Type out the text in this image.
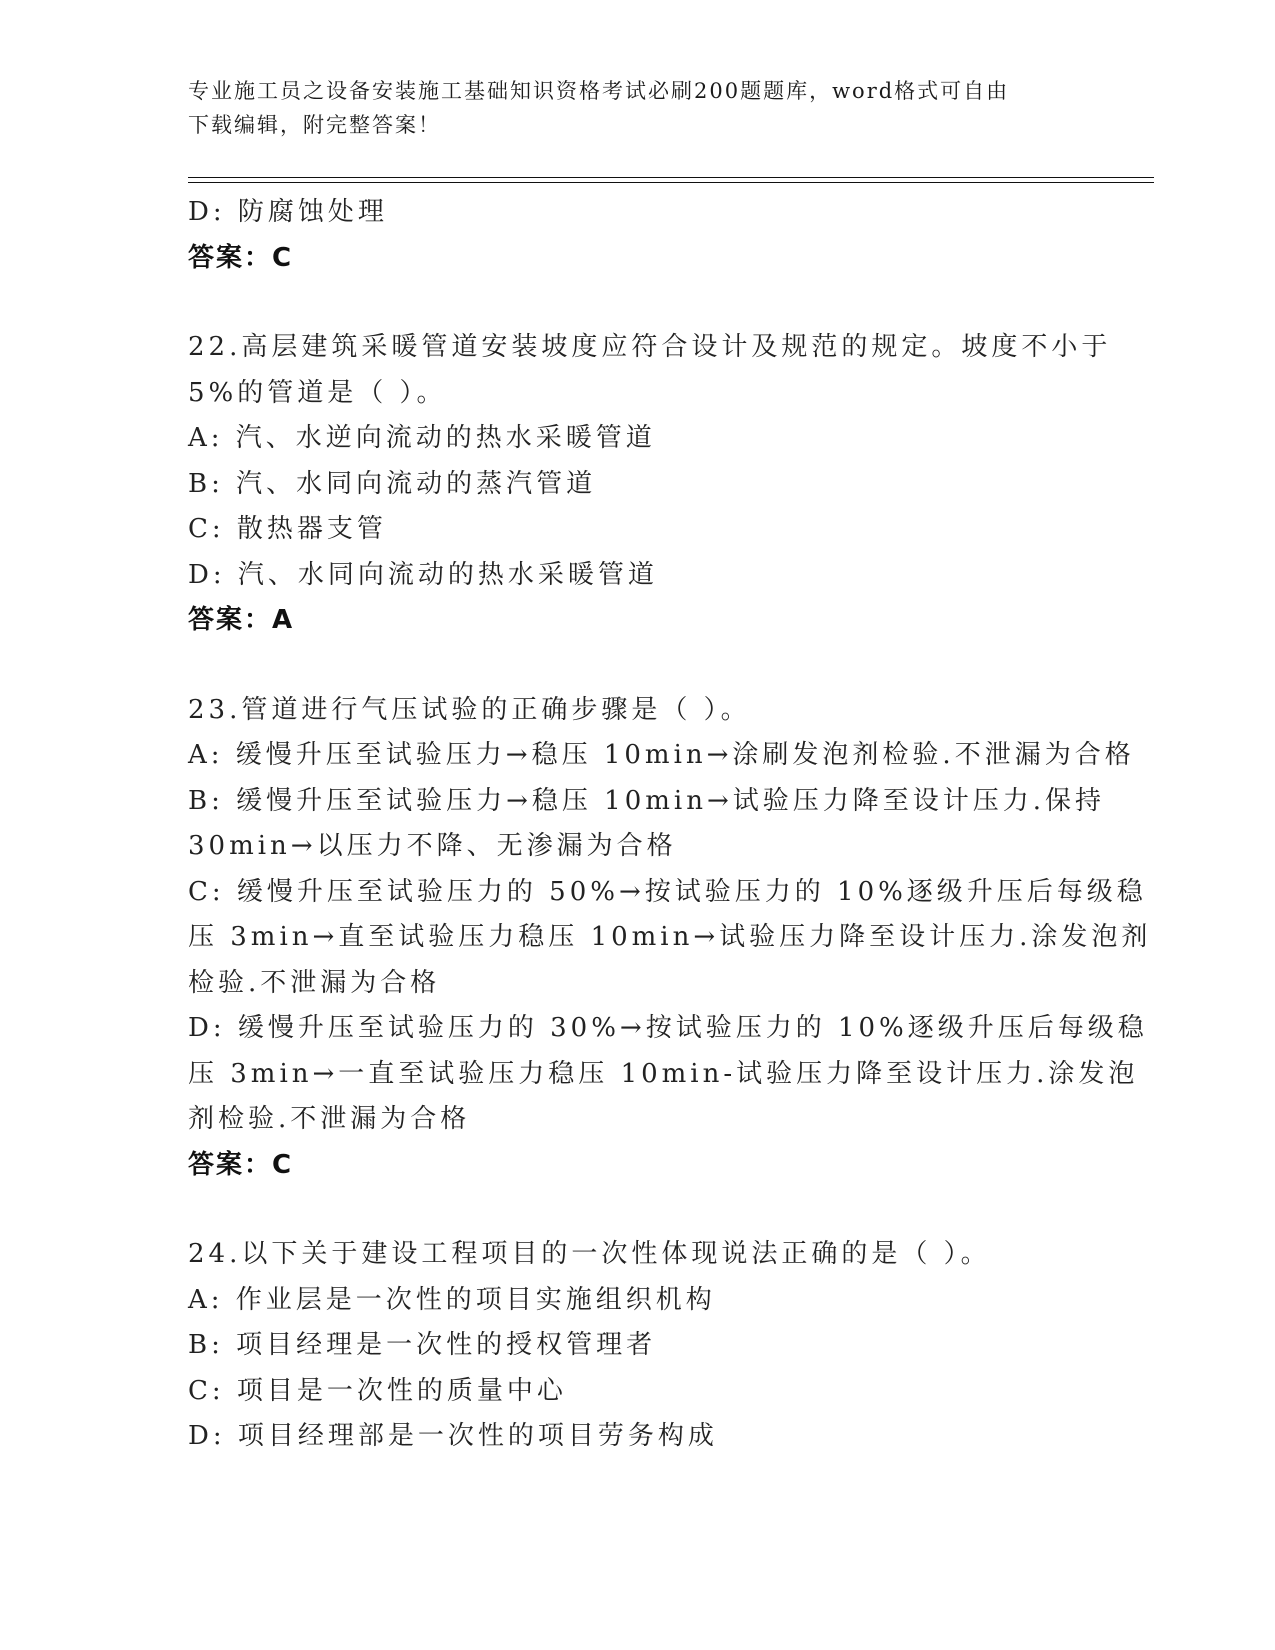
专业施工员之设备安装施工基础知识资格考试必刷200题题库，word格式可自由
下载编辑，附完整答案！
D: 防腐蚀处理
答案：C
22.高层建筑采暖管道安装坡度应符合设计及规范的规定。坡度不小于
5%的管道是（ ）。
A: 汽、水逆向流动的热水采暖管道
B: 汽、水同向流动的蒸汽管道
C: 散热器支管
D: 汽、水同向流动的热水采暖管道
答案：A
23.管道进行气压试验的正确步骤是（ ）。
A: 缓慢升压至试验压力→稳压 10min→涂刷发泡剂检验.不泄漏为合格
B: 缓慢升压至试验压力→稳压 10min→试验压力降至设计压力.保持
30min→以压力不降、无渗漏为合格
C: 缓慢升压至试验压力的 50%→按试验压力的 10%逐级升压后每级稳
压 3min→直至试验压力稳压 10min→试验压力降至设计压力.涂发泡剂
检验.不泄漏为合格
D: 缓慢升压至试验压力的 30%→按试验压力的 10%逐级升压后每级稳
压 3min→一直至试验压力稳压 10min-试验压力降至设计压力.涂发泡
剂检验.不泄漏为合格
答案：C
24.以下关于建设工程项目的一次性体现说法正确的是（ ）。
A: 作业层是一次性的项目实施组织机构
B: 项目经理是一次性的授权管理者
C: 项目是一次性的质量中心
D: 项目经理部是一次性的项目劳务构成
